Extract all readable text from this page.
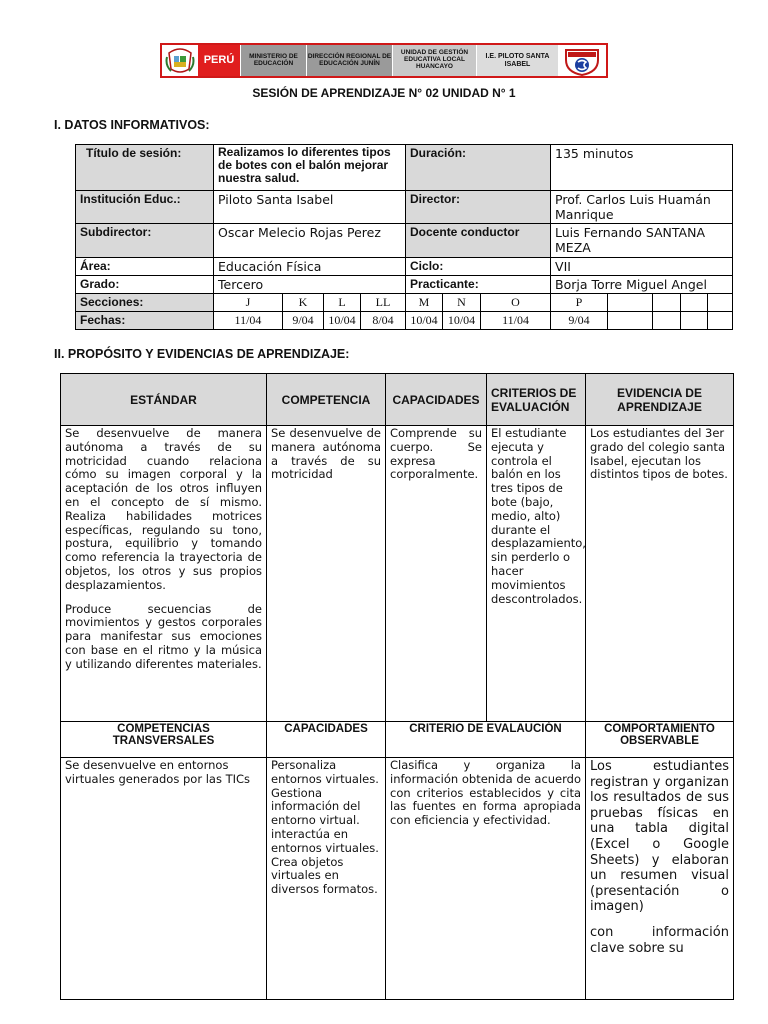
PERÚ	MINISTERIO DE EDUCACIÓN
DIRECCIÓN REGIONAL DE EDUCACIÓN JUNÍN
UNIDAD DE GESTIÓN EDUCATIVA LOCAL HUANCAYO
I.E. PILOTO SANTA ISABEL
SESIÓN DE APRENDIZAJE N° 02 UNIDAD N° 1
I. DATOS INFORMATIVOS:
Título de sesión:	Realizamos lo diferentes tipos de botes con el balón mejorar nuestra salud.				Duración:			135 minutos				
Institución Educ.:	Piloto Santa Isabel				Director:			Prof. Carlos Luis Huamán Manrique				
Subdirector:	Oscar Melecio Rojas Perez				Docente conductor			Luis Fernando SANTANA MEZA				
Área:	Educación Física				Ciclo:			VII				
Grado:	Tercero				Practicante:			Borja Torre Miguel Angel				
Secciones:	J	K	L	LL	M	N	O	P				
Fechas:	11/04	9/04	10/04	8/04	10/04	10/04	11/04	9/04				
II. PROPÓSITO Y EVIDENCIAS DE APRENDIZAJE:
ESTÁNDAR	COMPETENCIA	CAPACIDADES	CRITERIOS DE EVALUACIÓN	EVIDENCIA DE APRENDIZAJE

Se desenvuelve de manera autónoma a través de su motricidad cuando relaciona cómo su imagen corporal y la aceptación de los otros influyen en el concepto de sí mismo. Realiza habilidades motrices específicas, regulando su tono, postura, equilibrio y tomando como referencia la trayectoria de objetos, los otros y sus propios desplazamientos.

Produce secuencias de movimientos y gestos corporales para manifestar sus emociones con base en el ritmo y la música y utilizando diferentes materiales.	Se desenvuelve de manera autónoma a través de su motricidad	Comprende su cuerpo. Se expresa corporalmente.	El estudiante ejecuta y controla el balón en los tres tipos de bote (bajo, medio, alto) durante el desplazamiento, sin perderlo o hacer movimientos descontrolados.	Los estudiantes del 3er grado del colegio santa Isabel, ejecutan los distintos tipos de botes.
COMPETENCIAS TRANSVERSALES	CAPACIDADES	CRITERIO DE EVALAUCIÓN		COMPORTAMIENTO OBSERVABLE
Se desenvuelve en entornos virtuales generados por las TICs	Personaliza entornos virtuales. Gestiona información del entorno virtual. interactúa en entornos virtuales. Crea objetos virtuales en diversos formatos.	Clasifica y organiza la información obtenida de acuerdo con criterios establecidos y cita las fuentes en forma apropiada con eficiencia y efectividad.		Los estudiantes registran y organizan los resultados de sus pruebas físicas en una tabla digital (Excel o Google Sheets) y elaboran un resumen visual (presentación o imagen)

con información clave sobre su
